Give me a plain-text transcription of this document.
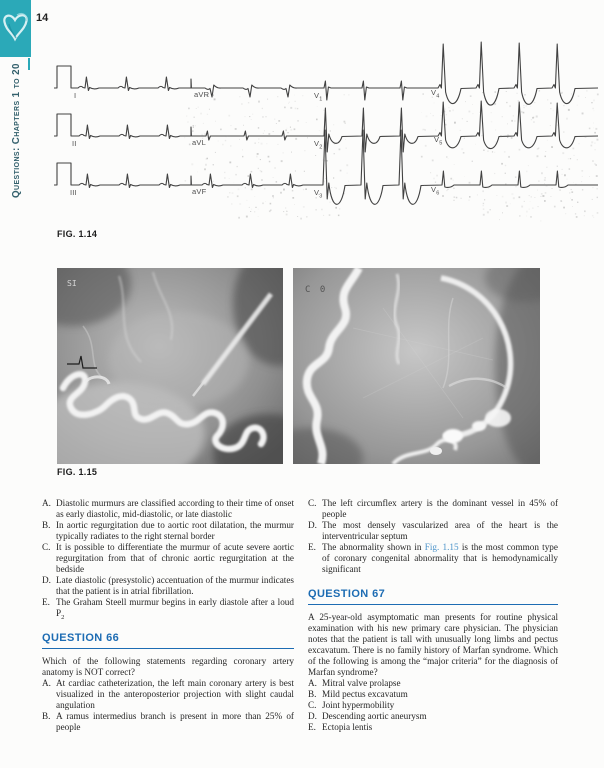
Questions: Chapters 1 to 20
14
I	aVR	$V_1$
$V_4$
II	aVL	$V_2$
$V_5$
III	aVF	$V_3$
$V_6$
FIG. 1.14
SI
C 0
FIG. 1.15
A. Diastolic murmurs are classified according to their time of onset as early diastolic, mid-diastolic, or late diastolic
B. In aortic regurgitation due to aortic root dilatation, the murmur typically radiates to the right sternal border
C. It is possible to differentiate the murmur of acute severe aortic regurgitation from that of chronic aortic regurgitation at the bedside
D. Late diastolic (presystolic) accentuation of the murmur indicates that the patient is in atrial fibrillation.
E. The Graham Steell murmur begins in early diastole after a loud $P_2$
QUESTION 66

Which of the following statements regarding coronary artery anatomy is NOT correct?

A. At cardiac catheterization, the left main coronary artery is best visualized in the anteroposterior projection with slight caudal angulation
B. A ramus intermedius branch is present in more than 25% of people
C. The left circumflex artery is the dominant vessel in 45% of people
D. The most densely vascularized area of the heart is the interventricular septum
E. The abnormality shown in Fig. 1.15 is the most common type of coronary congenital abnormality that is hemodynamically significant
QUESTION 67

A 25-year-old asymptomatic man presents for routine physical examination with his new primary care physician. The physician notes that the patient is tall with unusually long limbs and pectus excavatum. There is no family history of Marfan syndrome. Which of the following is among the “major criteria” for the diagnosis of Marfan syndrome?

A. Mitral valve prolapse
B. Mild pectus excavatum
C. Joint hypermobility
D. Descending aortic aneurysm
E. Ectopia lentis
